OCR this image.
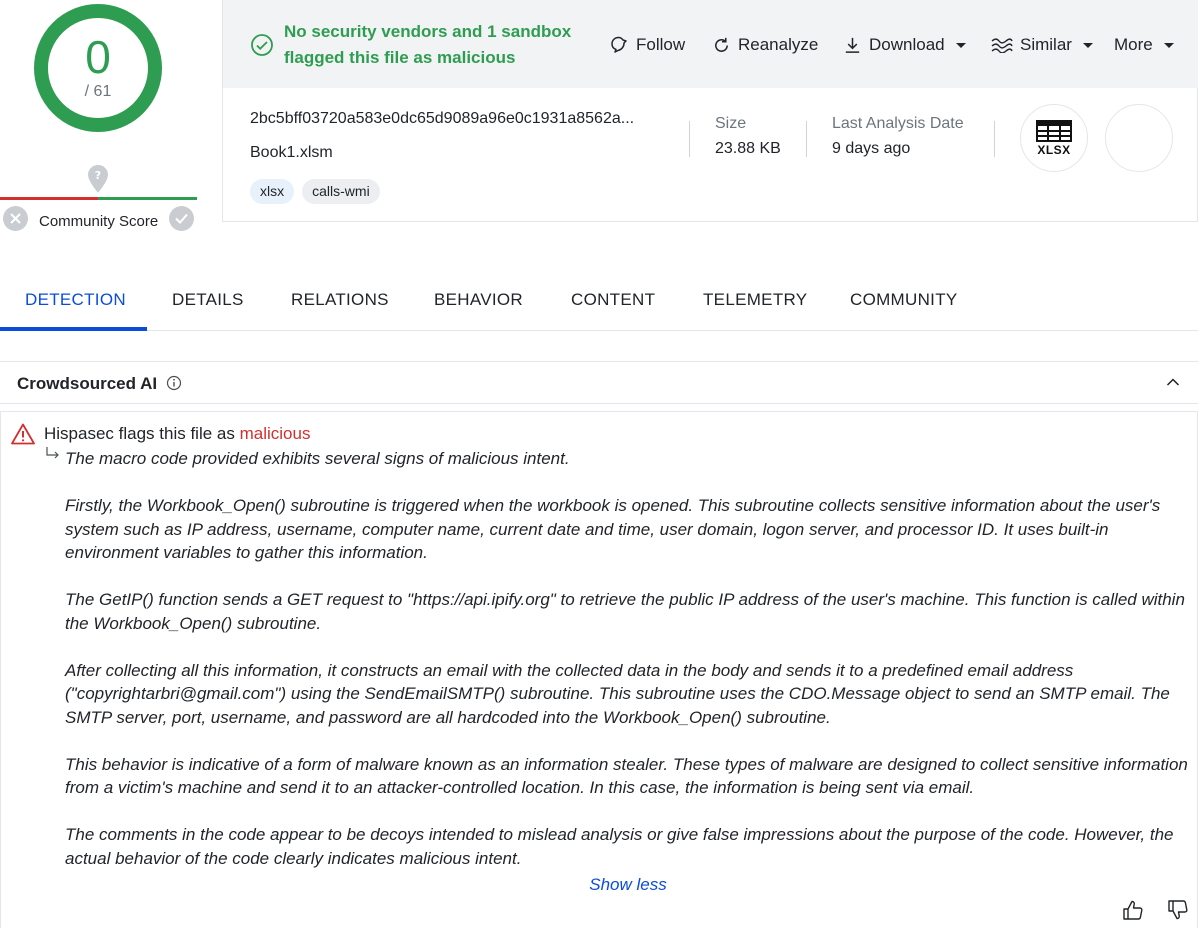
0
/ 61
?
Community Score
No security vendors and 1 sandbox flagged this file as malicious
Follow	Reanalyze	Download	Similar More
2bc5bff03720a583e0dc65d9089a96e0c1931a8562a...
Book1.xlsm
xlsx	calls-wmi
Size
23.88 KB
Last Analysis Date
9 days ago	XLSX
DETECTION	DETAILS	RELATIONS	BEHAVIOR	CONTENT	TELEMETRY	COMMUNITY
Crowdsourced AI
Hispasec flags this file as malicious

The macro code provided exhibits several signs of malicious intent.

Firstly, the Workbook_Open() subroutine is triggered when the workbook is opened. This subroutine collects sensitive information about the user's system such as IP address, username, computer name, current date and time, user domain, logon server, and processor ID. It uses built-in environment variables to gather this information.

The GetIP() function sends a GET request to "https://api.ipify.org" to retrieve the public IP address of the user's machine. This function is called within the Workbook_Open() subroutine.

After collecting all this information, it constructs an email with the collected data in the body and sends it to a predefined email address ("copyrightarbri@gmail.com") using the SendEmailSMTP() subroutine. This subroutine uses the CDO.Message object to send an SMTP email. The SMTP server, port, username, and password are all hardcoded into the Workbook_Open() subroutine.

This behavior is indicative of a form of malware known as an information stealer. These types of malware are designed to collect sensitive information from a victim's machine and send it to an attacker-controlled location. In this case, the information is being sent via email.

The comments in the code appear to be decoys intended to mislead analysis or give false impressions about the purpose of the code. However, the actual behavior of the code clearly indicates malicious intent.

Show less
